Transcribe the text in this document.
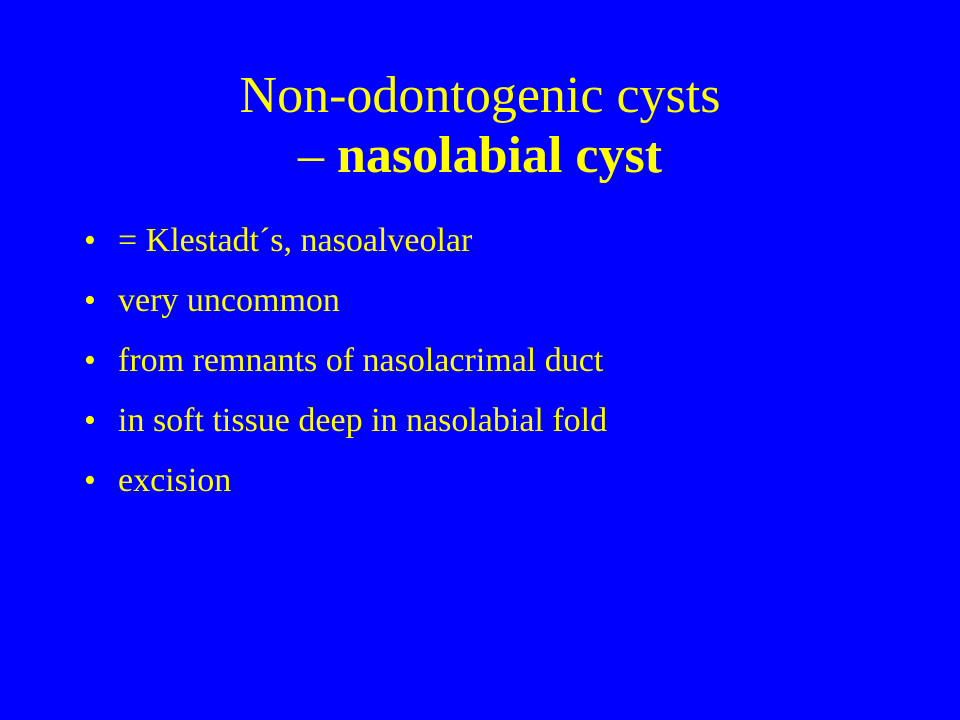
Non-odontogenic cysts
– nasolabial cyst
• = Klestadt´s, nasoalveolar
• very uncommon
• from remnants of nasolacrimal duct
• in soft tissue deep in nasolabial fold
• excision
